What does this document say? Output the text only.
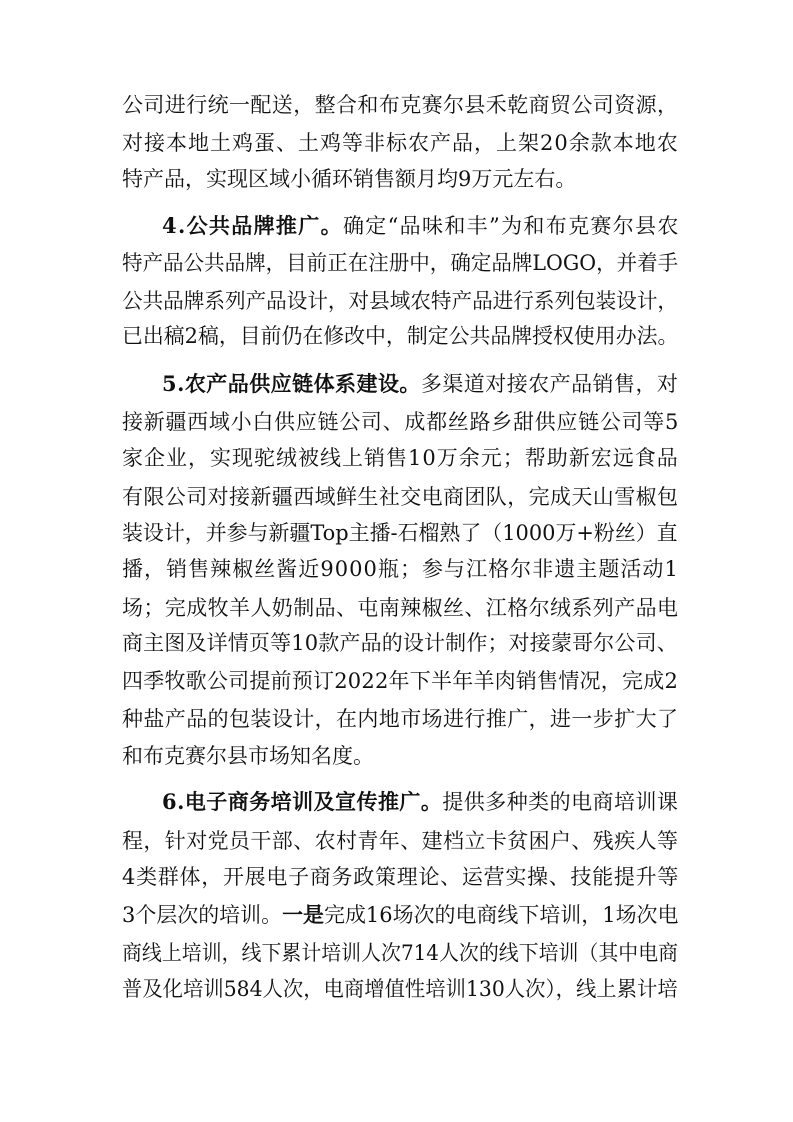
公司进行统一配送，整合和布克赛尔县禾乾商贸公司资源，
对接本地土鸡蛋、土鸡等非标农产品，上架20余款本地农
特产品，实现区域小循环销售额月均9万元左右。
4.公共品牌推广。确定“品味和丰”为和布克赛尔县农
特产品公共品牌，目前正在注册中，确定品牌LOGO，并着手
公共品牌系列产品设计，对县域农特产品进行系列包装设计，
已出稿2稿，目前仍在修改中，制定公共品牌授权使用办法。
5.农产品供应链体系建设。多渠道对接农产品销售，对
接新疆西域小白供应链公司、成都丝路乡甜供应链公司等5
家企业，实现驼绒被线上销售10万余元；帮助新宏远食品
有限公司对接新疆西域鲜生社交电商团队，完成天山雪椒包
装设计，并参与新疆Top主播-石榴熟了（1000万+粉丝）直
播，销售辣椒丝酱近9000瓶；参与江格尔非遗主题活动1
场；完成牧羊人奶制品、屯南辣椒丝、江格尔绒系列产品电
商主图及详情页等10款产品的设计制作；对接蒙哥尔公司、
四季牧歌公司提前预订2022年下半年羊肉销售情况，完成2
种盐产品的包装设计，在内地市场进行推广，进一步扩大了
和布克赛尔县市场知名度。
6.电子商务培训及宣传推广。提供多种类的电商培训课
程，针对党员干部、农村青年、建档立卡贫困户、残疾人等
4类群体，开展电子商务政策理论、运营实操、技能提升等
3个层次的培训。一是完成16场次的电商线下培训，1场次电
商线上培训，线下累计培训人次714人次的线下培训（其中电商
普及化培训584人次，电商增值性培训130人次），线上累计培
